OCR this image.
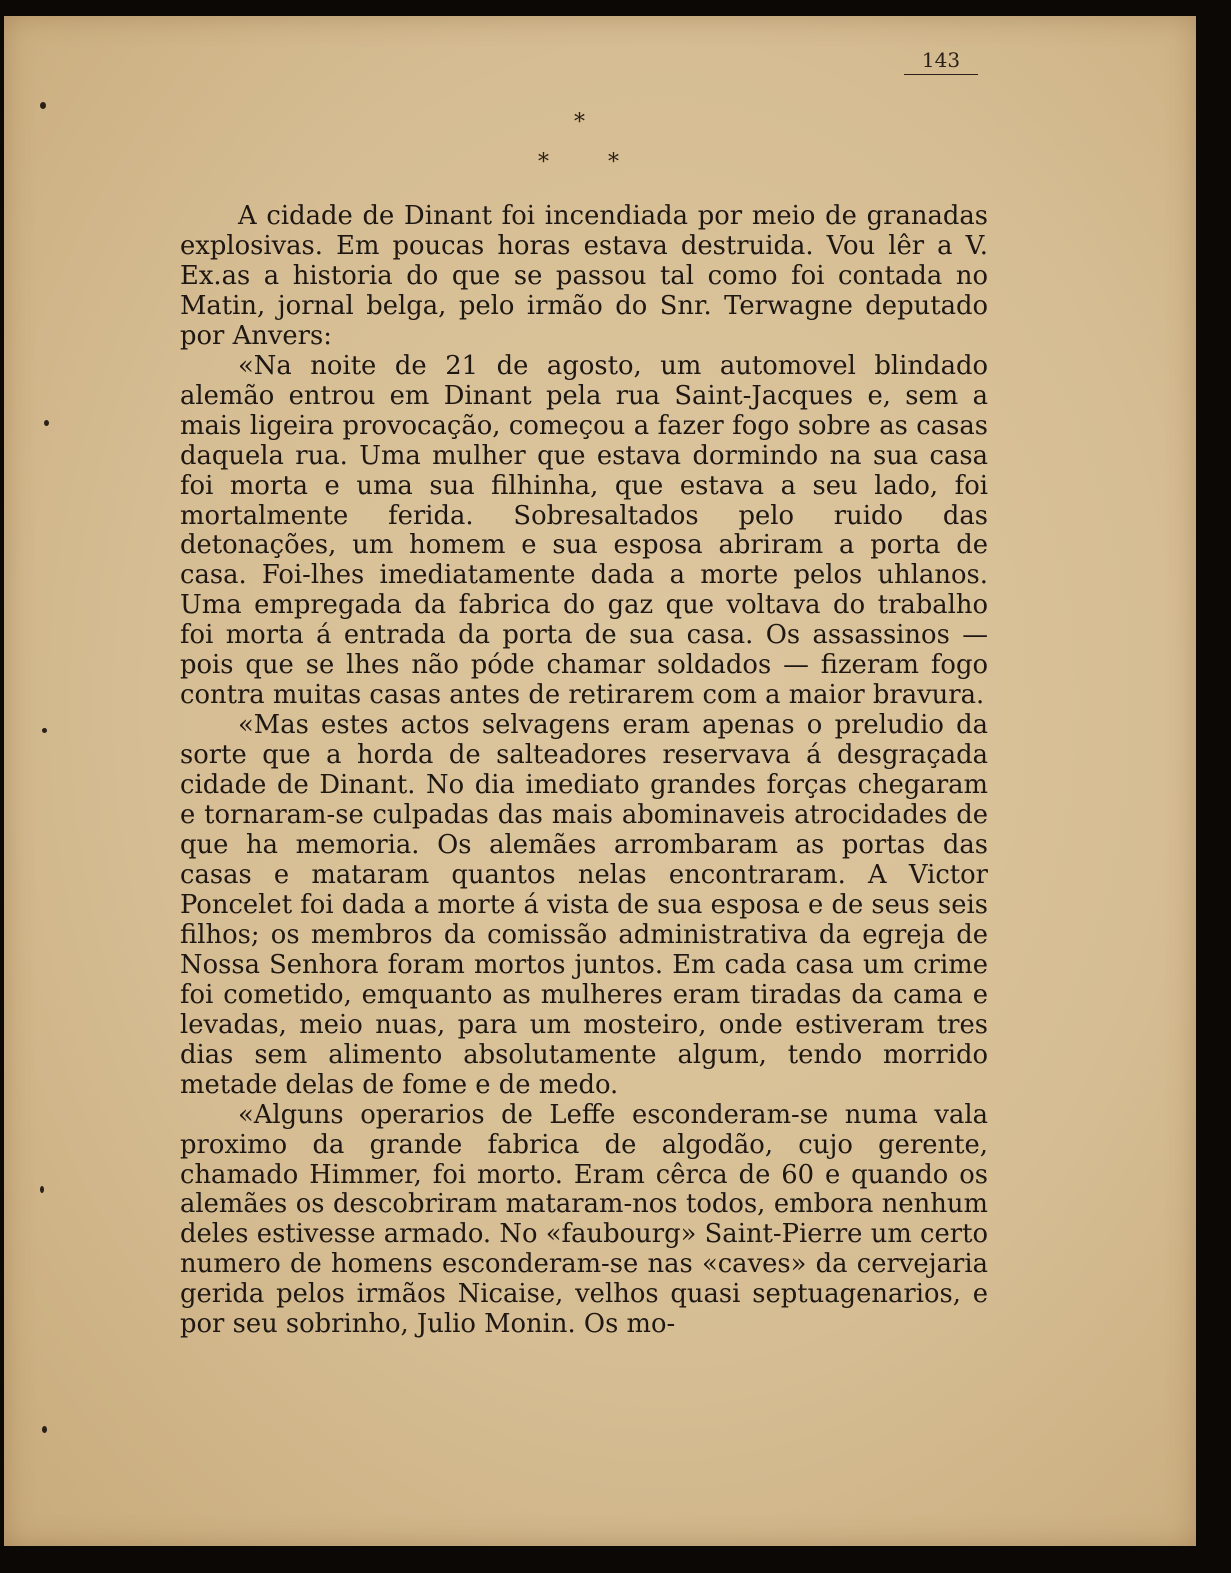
143
*
*	*

A cidade de Dinant foi incendiada por meio de granadas explosivas. Em poucas horas estava destruida. Vou lêr a V. Ex.as a historia do que se passou tal como foi contada no Matin, jornal belga, pelo irmão do Snr. Terwagne deputado por Anvers:

«Na noite de 21 de agosto, um automovel blindado alemão entrou em Dinant pela rua Saint-Jacques e, sem a mais ligeira provocação, começou a fazer fogo sobre as casas daquela rua. Uma mulher que estava dormindo na sua casa foi morta e uma sua filhinha, que estava a seu lado, foi mortalmente ferida. Sobresaltados pelo ruido das detonações, um homem e sua esposa abriram a porta de casa. Foi-lhes imediatamente dada a morte pelos uhlanos. Uma empregada da fabrica do gaz que voltava do trabalho foi morta á entrada da porta de sua casa. Os assassinos — pois que se lhes não póde chamar soldados — fizeram fogo contra muitas casas antes de retirarem com a maior bravura.

«Mas estes actos selvagens eram apenas o preludio da sorte que a horda de salteadores reservava á desgraçada cidade de Dinant. No dia imediato grandes forças chegaram e tornaram-se culpadas das mais abominaveis atrocidades de que ha memoria. Os alemães arrombaram as portas das casas e mataram quantos nelas encontraram. A Victor Poncelet foi dada a morte á vista de sua esposa e de seus seis filhos; os membros da comissão administrativa da egreja de Nossa Senhora foram mortos juntos. Em cada casa um crime foi cometido, emquanto as mulheres eram tiradas da cama e levadas, meio nuas, para um mosteiro, onde estiveram tres dias sem alimento absolutamente algum, tendo morrido metade delas de fome e de medo.

«Alguns operarios de Leffe esconderam-se numa vala proximo da grande fabrica de algodão, cujo gerente, chamado Himmer, foi morto. Eram cêrca de 60 e quando os alemães os descobriram mataram-nos todos, embora nenhum deles estivesse armado. No «faubourg» Saint-Pierre um certo numero de homens esconderam-se nas «caves» da cervejaria gerida pelos irmãos Nicaise, velhos quasi septuagenarios, e por seu sobrinho, Julio Monin. Os mo-
